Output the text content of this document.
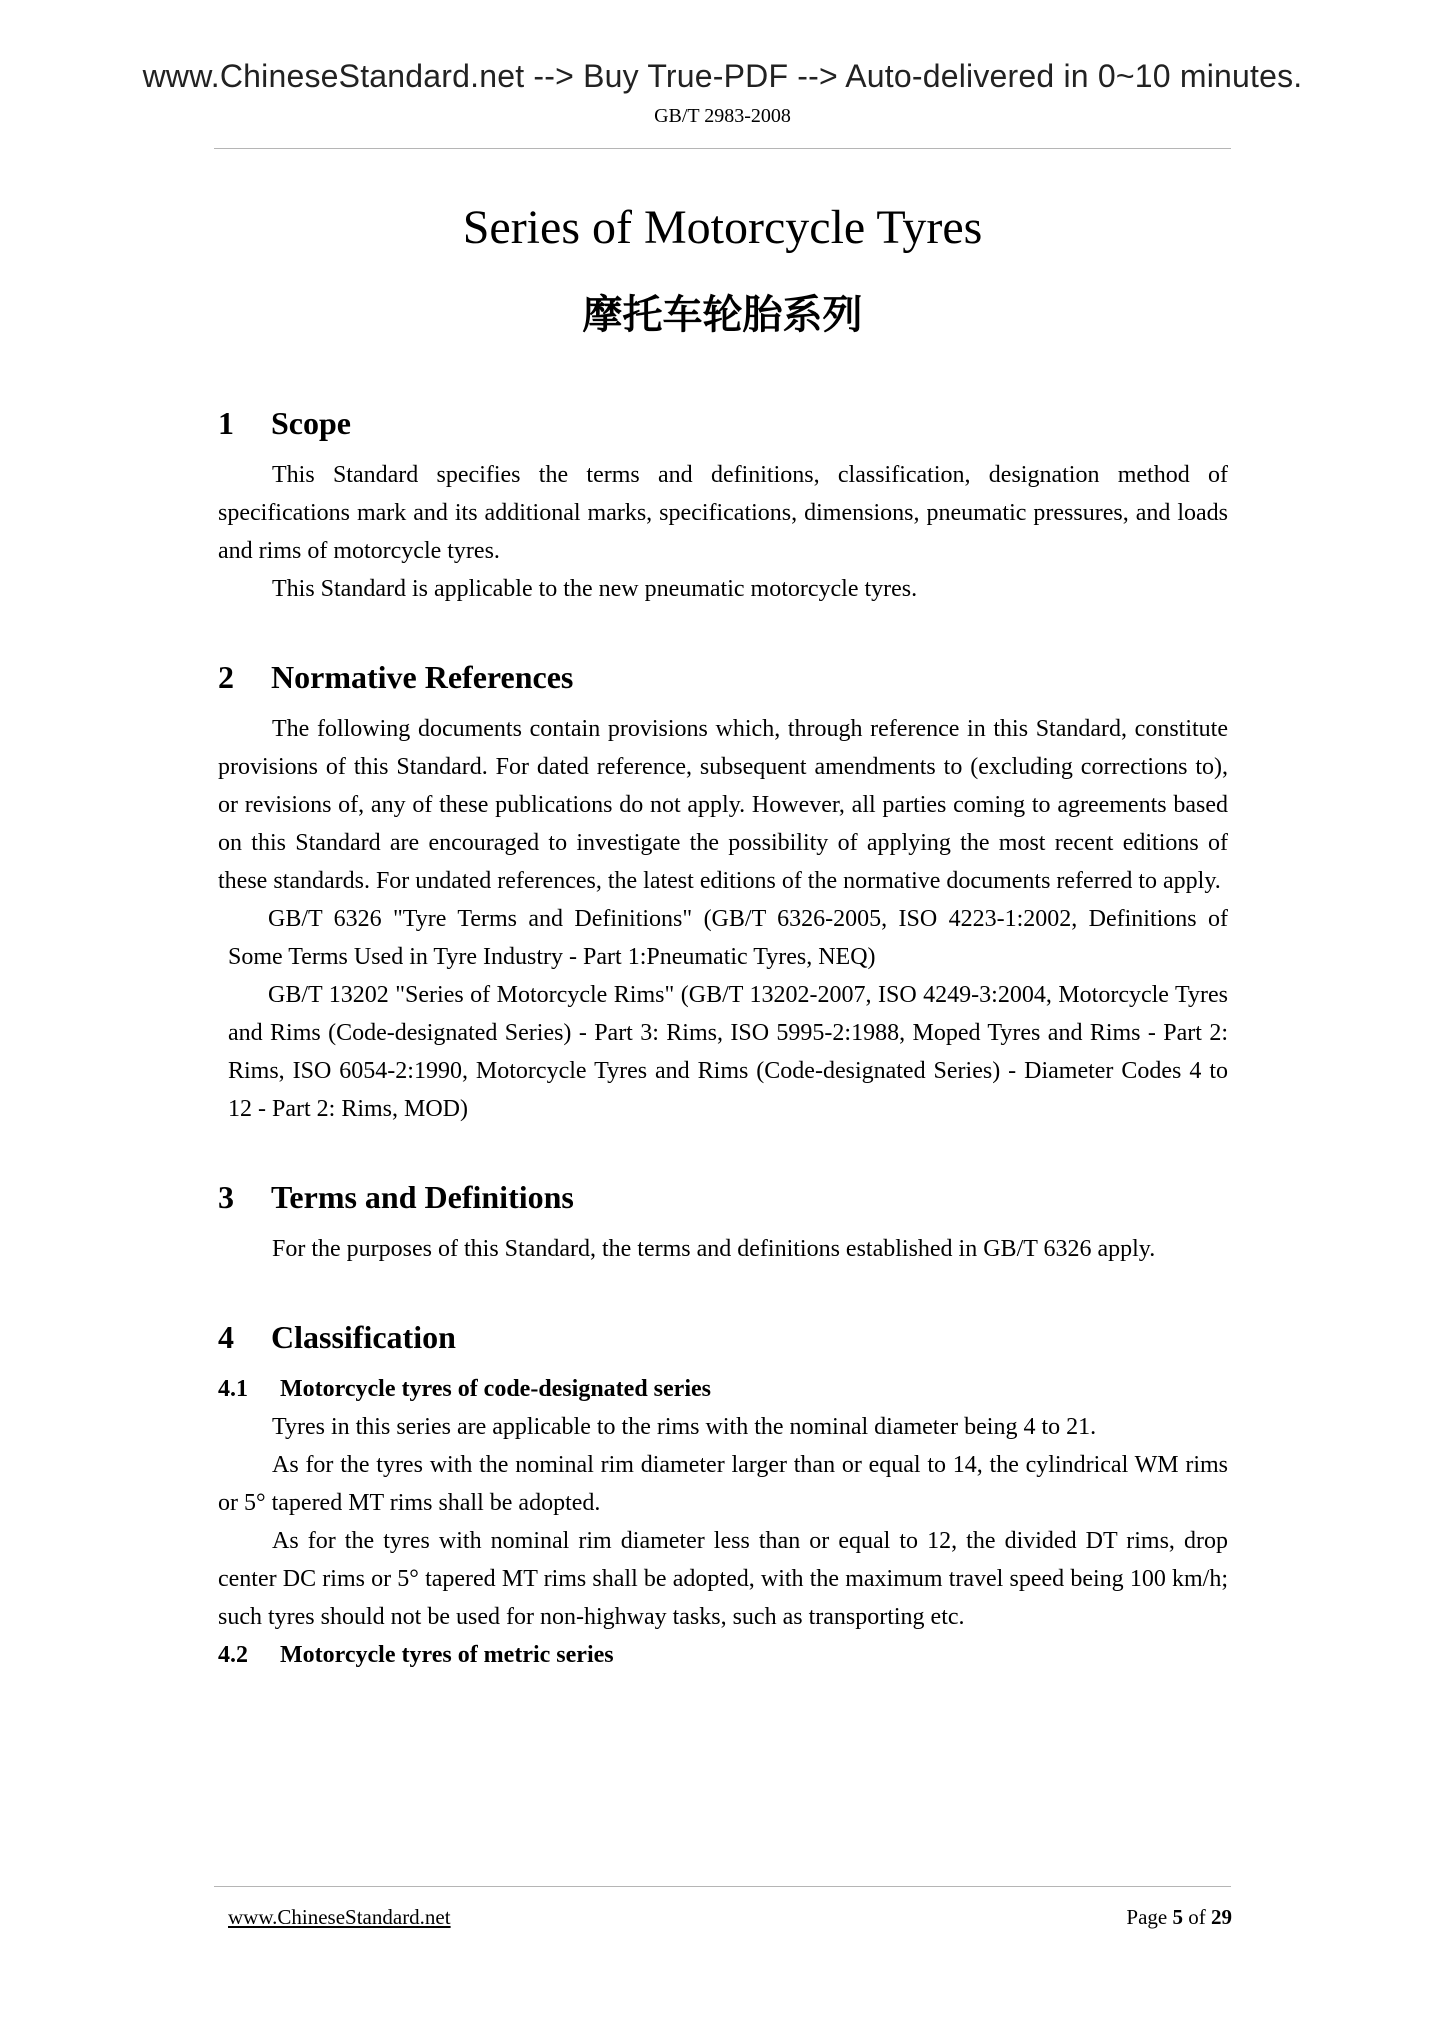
www.ChineseStandard.net --> Buy True-PDF --> Auto-delivered in 0~10 minutes.
GB/T 2983-2008
Series of Motorcycle Tyres
摩托车轮胎系列
1 Scope

This Standard specifies the terms and definitions, classification, designation method of specifications mark and its additional marks, specifications, dimensions, pneumatic pressures, and loads and rims of motorcycle tyres.

This Standard is applicable to the new pneumatic motorcycle tyres.

2 Normative References

The following documents contain provisions which, through reference in this Standard, constitute provisions of this Standard. For dated reference, subsequent amendments to (excluding corrections to), or revisions of, any of these publications do not apply. However, all parties coming to agreements based on this Standard are encouraged to investigate the possibility of applying the most recent editions of these standards. For undated references, the latest editions of the normative documents referred to apply.

GB/T 6326 "Tyre Terms and Definitions" (GB/T 6326-2005, ISO 4223-1:2002, Definitions of Some Terms Used in Tyre Industry - Part 1:Pneumatic Tyres, NEQ)

GB/T 13202 "Series of Motorcycle Rims" (GB/T 13202-2007, ISO 4249-3:2004, Motorcycle Tyres and Rims (Code-designated Series) - Part 3: Rims, ISO 5995-2:1988, Moped Tyres and Rims - Part 2: Rims, ISO 6054-2:1990, Motorcycle Tyres and Rims (Code-designated Series) - Diameter Codes 4 to 12 - Part 2: Rims, MOD)

3 Terms and Definitions

For the purposes of this Standard, the terms and definitions established in GB/T 6326 apply.

4 Classification
4.1 Motorcycle tyres of code-designated series

Tyres in this series are applicable to the rims with the nominal diameter being 4 to 21.

As for the tyres with the nominal rim diameter larger than or equal to 14, the cylindrical WM rims or 5° tapered MT rims shall be adopted.

As for the tyres with nominal rim diameter less than or equal to 12, the divided DT rims, drop center DC rims or 5° tapered MT rims shall be adopted, with the maximum travel speed being 100 km/h; such tyres should not be used for non-highway tasks, such as transporting etc.

4.2 Motorcycle tyres of metric series
www.ChineseStandard.net	Page 5 of 29
